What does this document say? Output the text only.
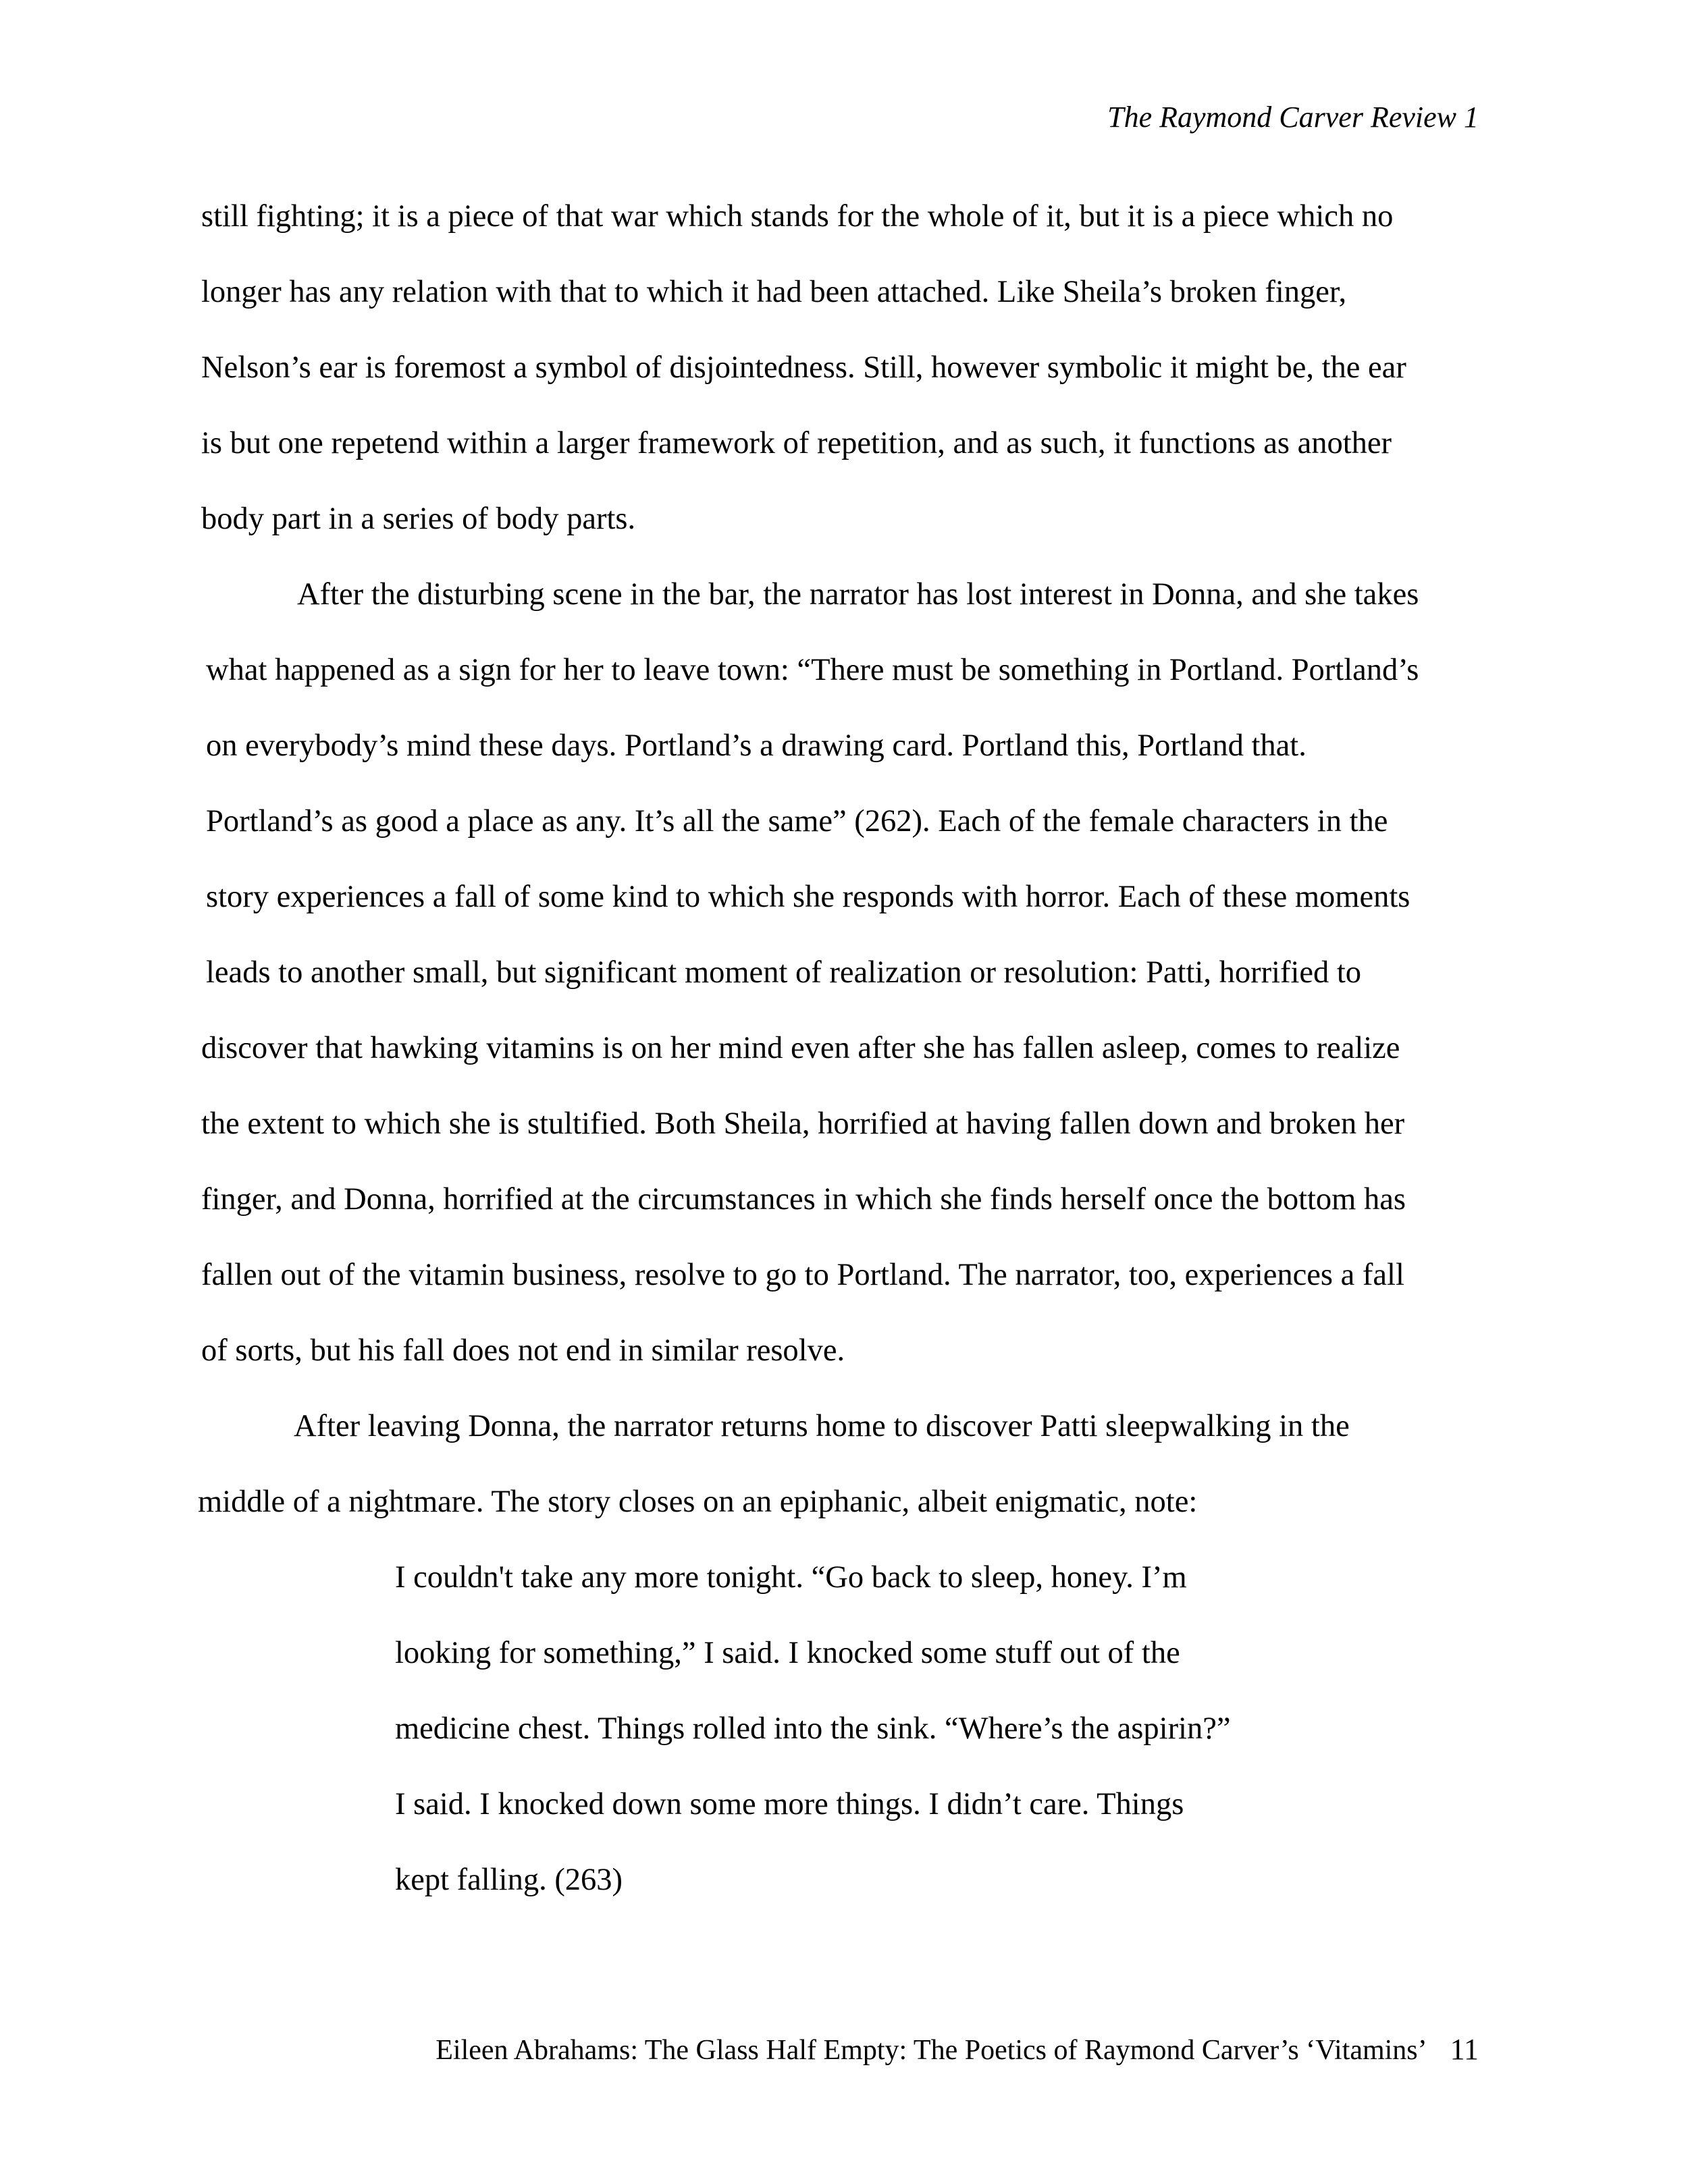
The Raymond Carver Review 1
still fighting; it is a piece of that war which stands for the whole of it, but it is a piece which no
longer has any relation with that to which it had been attached. Like Sheila’s broken finger,
Nelson’s ear is foremost a symbol of disjointedness. Still, however symbolic it might be, the ear
is but one repetend within a larger framework of repetition, and as such, it functions as another
body part in a series of body parts.
After the disturbing scene in the bar, the narrator has lost interest in Donna, and she takes
what happened as a sign for her to leave town: “There must be something in Portland. Portland’s
on everybody’s mind these days. Portland’s a drawing card. Portland this, Portland that.
Portland’s as good a place as any. It’s all the same” (262). Each of the female characters in the
story experiences a fall of some kind to which she responds with horror. Each of these moments
leads to another small, but significant moment of realization or resolution: Patti, horrified to
discover that hawking vitamins is on her mind even after she has fallen asleep, comes to realize
the extent to which she is stultified. Both Sheila, horrified at having fallen down and broken her
finger, and Donna, horrified at the circumstances in which she finds herself once the bottom has
fallen out of the vitamin business, resolve to go to Portland. The narrator, too, experiences a fall
of sorts, but his fall does not end in similar resolve.
After leaving Donna, the narrator returns home to discover Patti sleepwalking in the
middle of a nightmare. The story closes on an epiphanic, albeit enigmatic, note:
I couldn't take any more tonight. “Go back to sleep, honey. I’m
looking for something,” I said. I knocked some stuff out of the
medicine chest. Things rolled into the sink. “Where’s the aspirin?”
I said. I knocked down some more things. I didn’t care. Things
kept falling. (263)
Eileen Abrahams: The Glass Half Empty: The Poetics of Raymond Carver’s ‘Vitamins’ 11
